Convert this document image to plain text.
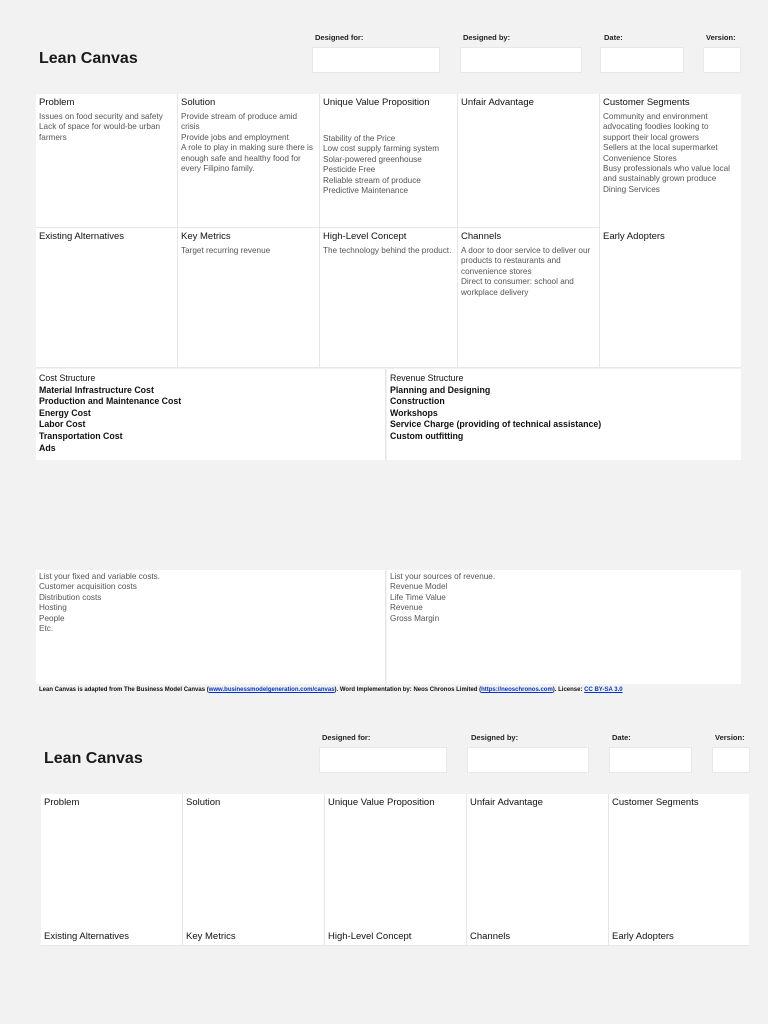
Lean Canvas
Designed for:	Designed by:	Date:	Version:
Problem
Issues on food security and safety
Lack of space for would-be urban farmers
Solution
Provide stream of produce amid crisis
Provide jobs and employment
A role to play in making sure there is enough safe and healthy food for every Filipino family.
Unique Value Proposition
Stability of the Price
Low cost supply farming system
Solar-powered greenhouse
Pesticide Free
Reliable stream of produce
Predictive Maintenance
Unfair Advantage	Customer Segments
Community and environment advocating foodies looking to support their local growers
Sellers at the local supermarket
Convenience Stores
Busy professionals who value local and sustainably grown produce
Dining Services
Existing Alternatives	Key Metrics
Target recurring revenue
High-Level Concept
The technology behind the product.
Channels
A door to door service to deliver our products to restaurants and convenience stores
Direct to consumer: school and workplace delivery
Early Adopters
Cost Structure
Material Infrastructure Cost
Production and Maintenance Cost
Energy Cost
Labor Cost
Transportation Cost
Ads
Revenue Structure
Planning and Designing
Construction
Workshops
Service Charge (providing of technical assistance)
Custom outfitting
List your fixed and variable costs.
Customer acquisition costs
Distribution costs
Hosting
People
Etc.
List your sources of revenue.
Revenue Model
Life Time Value
Revenue
Gross Margin
Lean Canvas is adapted from The Business Model Canvas (www.businessmodelgeneration.com/canvas). Word Implementation by: Neos Chronos Limited (https://neoschronos.com). License: CC BY-SA 3.0
Lean Canvas
Designed for:	Designed by:	Date:	Version:
Problem
Existing Alternatives
Solution
Key Metrics
Unique Value Proposition
High-Level Concept
Unfair Advantage
Channels
Customer Segments
Early Adopters
